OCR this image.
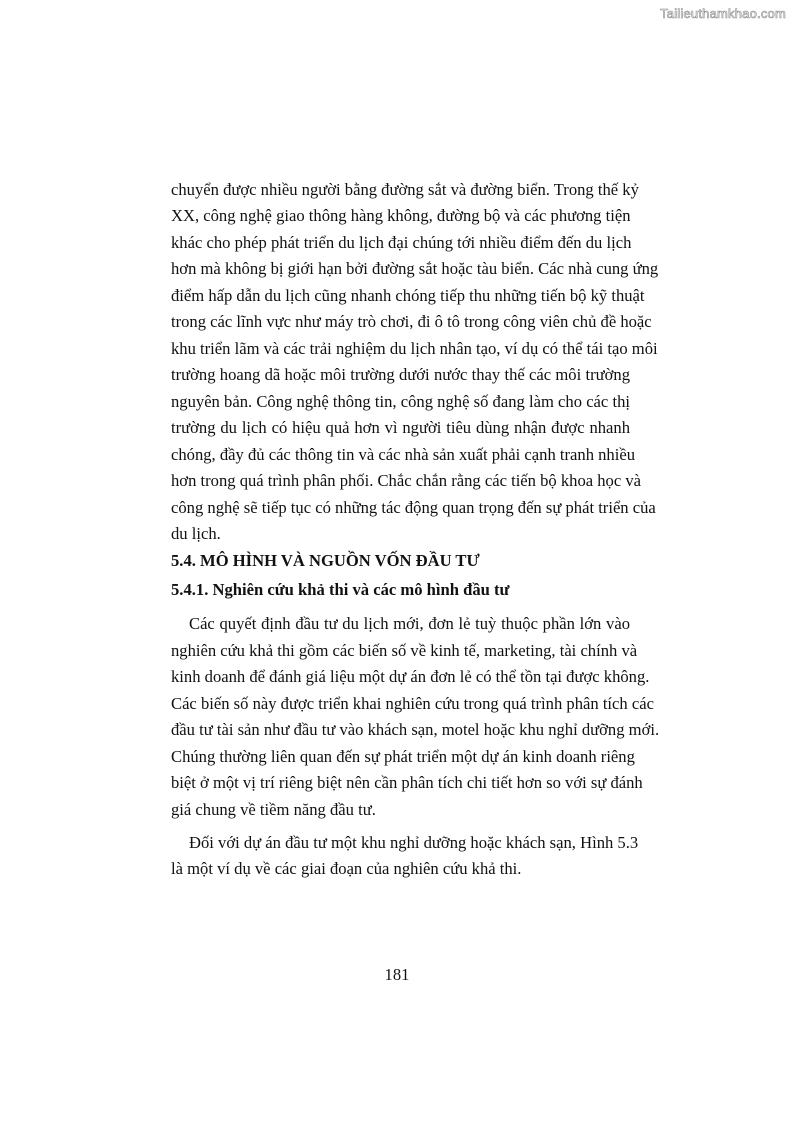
Tailieuthamkhao.com
chuyển được nhiều người bằng đường sắt và đường biển. Trong thế kỷ
XX, công nghệ giao thông hàng không, đường bộ và các phương tiện
khác cho phép phát triển du lịch đại chúng tới nhiều điểm đến du lịch
hơn mà không bị giới hạn bởi đường sắt hoặc tàu biển. Các nhà cung ứng
điểm hấp dẫn du lịch cũng nhanh chóng tiếp thu những tiến bộ kỹ thuật
trong các lĩnh vực như máy trò chơi, đi ô tô trong công viên chủ đề hoặc
khu triển lãm và các trải nghiệm du lịch nhân tạo, ví dụ có thể tái tạo môi
trường hoang dã hoặc môi trường dưới nước thay thế các môi trường
nguyên bản. Công nghệ thông tin, công nghệ số đang làm cho các thị
trường du lịch có hiệu quả hơn vì người tiêu dùng nhận được nhanh
chóng, đầy đủ các thông tin và các nhà sản xuất phải cạnh tranh nhiều
hơn trong quá trình phân phối. Chắc chắn rằng các tiến bộ khoa học và
công nghệ sẽ tiếp tục có những tác động quan trọng đến sự phát triển của
du lịch.
5.4. MÔ HÌNH VÀ NGUỒN VỐN ĐẦU TƯ
5.4.1. Nghiên cứu khả thi và các mô hình đầu tư
Các quyết định đầu tư du lịch mới, đơn lẻ tuỳ thuộc phần lớn vào
nghiên cứu khả thi gồm các biến số về kinh tế, marketing, tài chính và
kinh doanh để đánh giá liệu một dự án đơn lẻ có thể tồn tại được không.
Các biến số này được triển khai nghiên cứu trong quá trình phân tích các
đầu tư tài sản như đầu tư vào khách sạn, motel hoặc khu nghỉ dưỡng mới.
Chúng thường liên quan đến sự phát triển một dự án kinh doanh riêng
biệt ở một vị trí riêng biệt nên cần phân tích chi tiết hơn so với sự đánh
giá chung về tiềm năng đầu tư.
Đối với dự án đầu tư một khu nghỉ dưỡng hoặc khách sạn, Hình 5.3
là một ví dụ về các giai đoạn của nghiên cứu khả thi.
181
